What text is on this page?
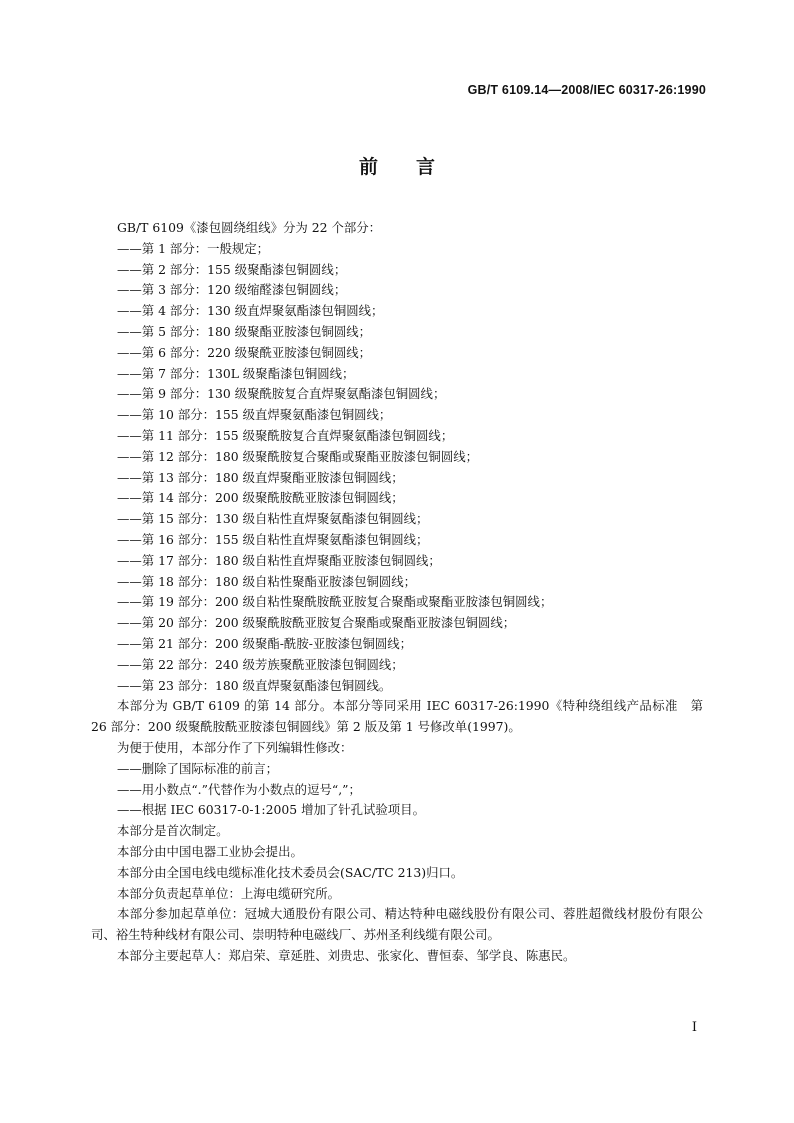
GB/T 6109.14—2008/IEC 60317-26:1990
前　　言

GB/T 6109《漆包圆绕组线》分为 22 个部分：

——第 1 部分：一般规定；

——第 2 部分：155 级聚酯漆包铜圆线；

——第 3 部分：120 级缩醛漆包铜圆线；

——第 4 部分：130 级直焊聚氨酯漆包铜圆线；

——第 5 部分：180 级聚酯亚胺漆包铜圆线；

——第 6 部分：220 级聚酰亚胺漆包铜圆线；

——第 7 部分：130L 级聚酯漆包铜圆线；

——第 9 部分：130 级聚酰胺复合直焊聚氨酯漆包铜圆线；

——第 10 部分：155 级直焊聚氨酯漆包铜圆线；

——第 11 部分：155 级聚酰胺复合直焊聚氨酯漆包铜圆线；

——第 12 部分：180 级聚酰胺复合聚酯或聚酯亚胺漆包铜圆线；

——第 13 部分：180 级直焊聚酯亚胺漆包铜圆线；

——第 14 部分：200 级聚酰胺酰亚胺漆包铜圆线；

——第 15 部分：130 级自粘性直焊聚氨酯漆包铜圆线；

——第 16 部分：155 级自粘性直焊聚氨酯漆包铜圆线；

——第 17 部分：180 级自粘性直焊聚酯亚胺漆包铜圆线；

——第 18 部分：180 级自粘性聚酯亚胺漆包铜圆线；

——第 19 部分：200 级自粘性聚酰胺酰亚胺复合聚酯或聚酯亚胺漆包铜圆线；

——第 20 部分：200 级聚酰胺酰亚胺复合聚酯或聚酯亚胺漆包铜圆线；

——第 21 部分：200 级聚酯-酰胺-亚胺漆包铜圆线；

——第 22 部分：240 级芳族聚酰亚胺漆包铜圆线；

——第 23 部分：180 级直焊聚氨酯漆包铜圆线。

本部分为 GB/T 6109 的第 14 部分。本部分等同采用 IEC 60317-26:1990《特种绕组线产品标准　第 26 部分：200 级聚酰胺酰亚胺漆包铜圆线》第 2 版及第 1 号修改单(1997)。

为便于使用，本部分作了下列编辑性修改：

——删除了国际标准的前言；

——用小数点“.”代替作为小数点的逗号“,”；

——根据 IEC 60317-0-1:2005 增加了针孔试验项目。

本部分是首次制定。

本部分由中国电器工业协会提出。

本部分由全国电线电缆标准化技术委员会(SAC/TC 213)归口。

本部分负责起草单位：上海电缆研究所。

本部分参加起草单位：冠城大通股份有限公司、精达特种电磁线股份有限公司、蓉胜超微线材股份有限公司、裕生特种线材有限公司、崇明特种电磁线厂、苏州圣利线缆有限公司。

本部分主要起草人：郑启荣、章延胜、刘贵忠、张家化、曹恒泰、邹学良、陈惠民。

I
